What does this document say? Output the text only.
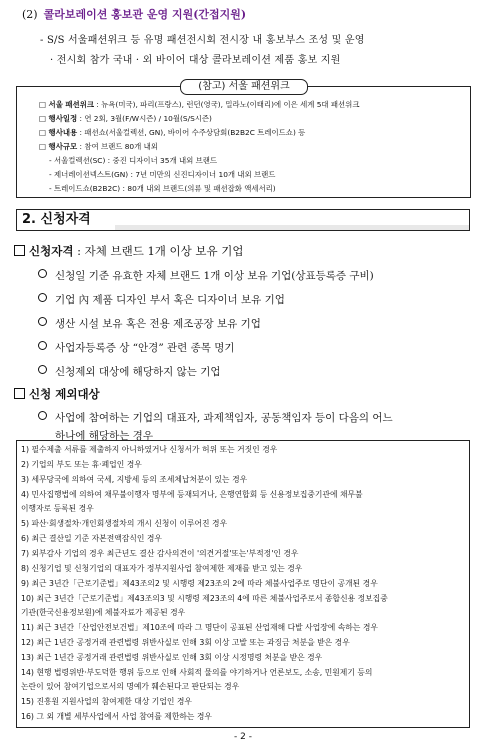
(2) 콜라보레이션 홍보관 운영 지원(간접지원)
- S/S 서울패션위크 등 유명 패션전시회 전시장 내 홍보부스 조성 및 운영
· 전시회 참가 국내 · 외 바이어 대상 콜라보레이션 제품 홍보 지원
□ 서울 패션위크 : 뉴욕(미국), 파리(프랑스), 런던(영국), 밀라노(이태리)에 이은 세계 5대 패션위크
□ 행사일정 : 연 2회, 3월(F/W시즌) / 10월(S/S시즌)
□ 행사내용 : 패션쇼(서울컬렉션, GN), 바이어 수주상담회(B2B2C 트레이드쇼) 등
□ 행사규모 : 참여 브랜드 80개 내외
- 서울컬렉션(SC) : 중진 디자이너 35개 내외 브랜드
- 제너레이션넥스트(GN) : 7년 미만의 신진디자이너 10개 내외 브랜드
- 트레이드쇼(B2B2C) : 80개 내외 브랜드(의류 및 패션잡화 액세서리)
(참고) 서울 패션위크
2. 신청자격
신청자격 : 자체 브랜드 1개 이상 보유 기업
신청일 기준 유효한 자체 브랜드 1개 이상 보유 기업(상표등록증 구비)
기업 內 제품 디자인 부서 혹은 디자이너 보유 기업
생산 시설 보유 혹은 전용 제조공장 보유 기업
사업자등록증 상 “안경” 관련 종목 명기
신청제외 대상에 해당하지 않는 기업
신청 제외대상
사업에 참여하는 기업의 대표자, 과제책임자, 공동책임자 등이 다음의 어느
하나에 해당하는 경우
1) 필수제출 서류를 제출하지 아니하였거나 신청서가 허위 또는 거짓인 경우
2) 기업의 부도 또는 휴·폐업인 경우
3) 세무당국에 의하여 국세, 지방세 등의 조세체납처분이 있는 경우
4) 민사집행법에 의하여 채무불이행자 명부에 등재되거나, 은행연합회 등 신용정보집중기관에 채무불
이행자로 등록된 경우
5) 파산·회생절차·개인회생절차의 개시 신청이 이루어진 경우
6) 최근 결산일 기준 자본전액잠식인 경우
7) 외부감사 기업의 경우 최근년도 결산 감사의견이 '의견거절'또는'부적정'인 경우
8) 신청기업 및 신청기업의 대표자가 정부지원사업 참여제한 제재를 받고 있는 경우
9) 최근 3년간「근로기준법」제43조의2 및 시행령 제23조의 2에 따라 체불사업주로 명단이 공개된 경우
10) 최근 3년간「근로기준법」제43조의3 및 시행령 제23조의 4에 따른 체불사업주로서 종합신용 정보집중
기관(한국신용정보원)에 체불자료가 제공된 경우
11) 최근 3년간「산업안전보건법」제10조에 따라 그 명단이 공표된 산업재해 다발 사업장에 속하는 경우
12) 최근 1년간 공정거래 관련법령 위반사실로 인해 3회 이상 고발 또는 과징금 처분을 받은 경우
13) 최근 1년간 공정거래 관련법령 위반사실로 인해 3회 이상 시정명령 처분을 받은 경우
14) 현행 법령위반·부도덕한 행위 등으로 인해 사회적 물의를 야기하거나 언론보도, 소송, 민원제기 등의
논란이 있어 참여기업으로서의 명예가 훼손된다고 판단되는 경우
15) 진흥원 지원사업의 참여제한 대상 기업인 경우
16) 그 외 개별 세부사업에서 사업 참여를 제한하는 경우
- 2 -
